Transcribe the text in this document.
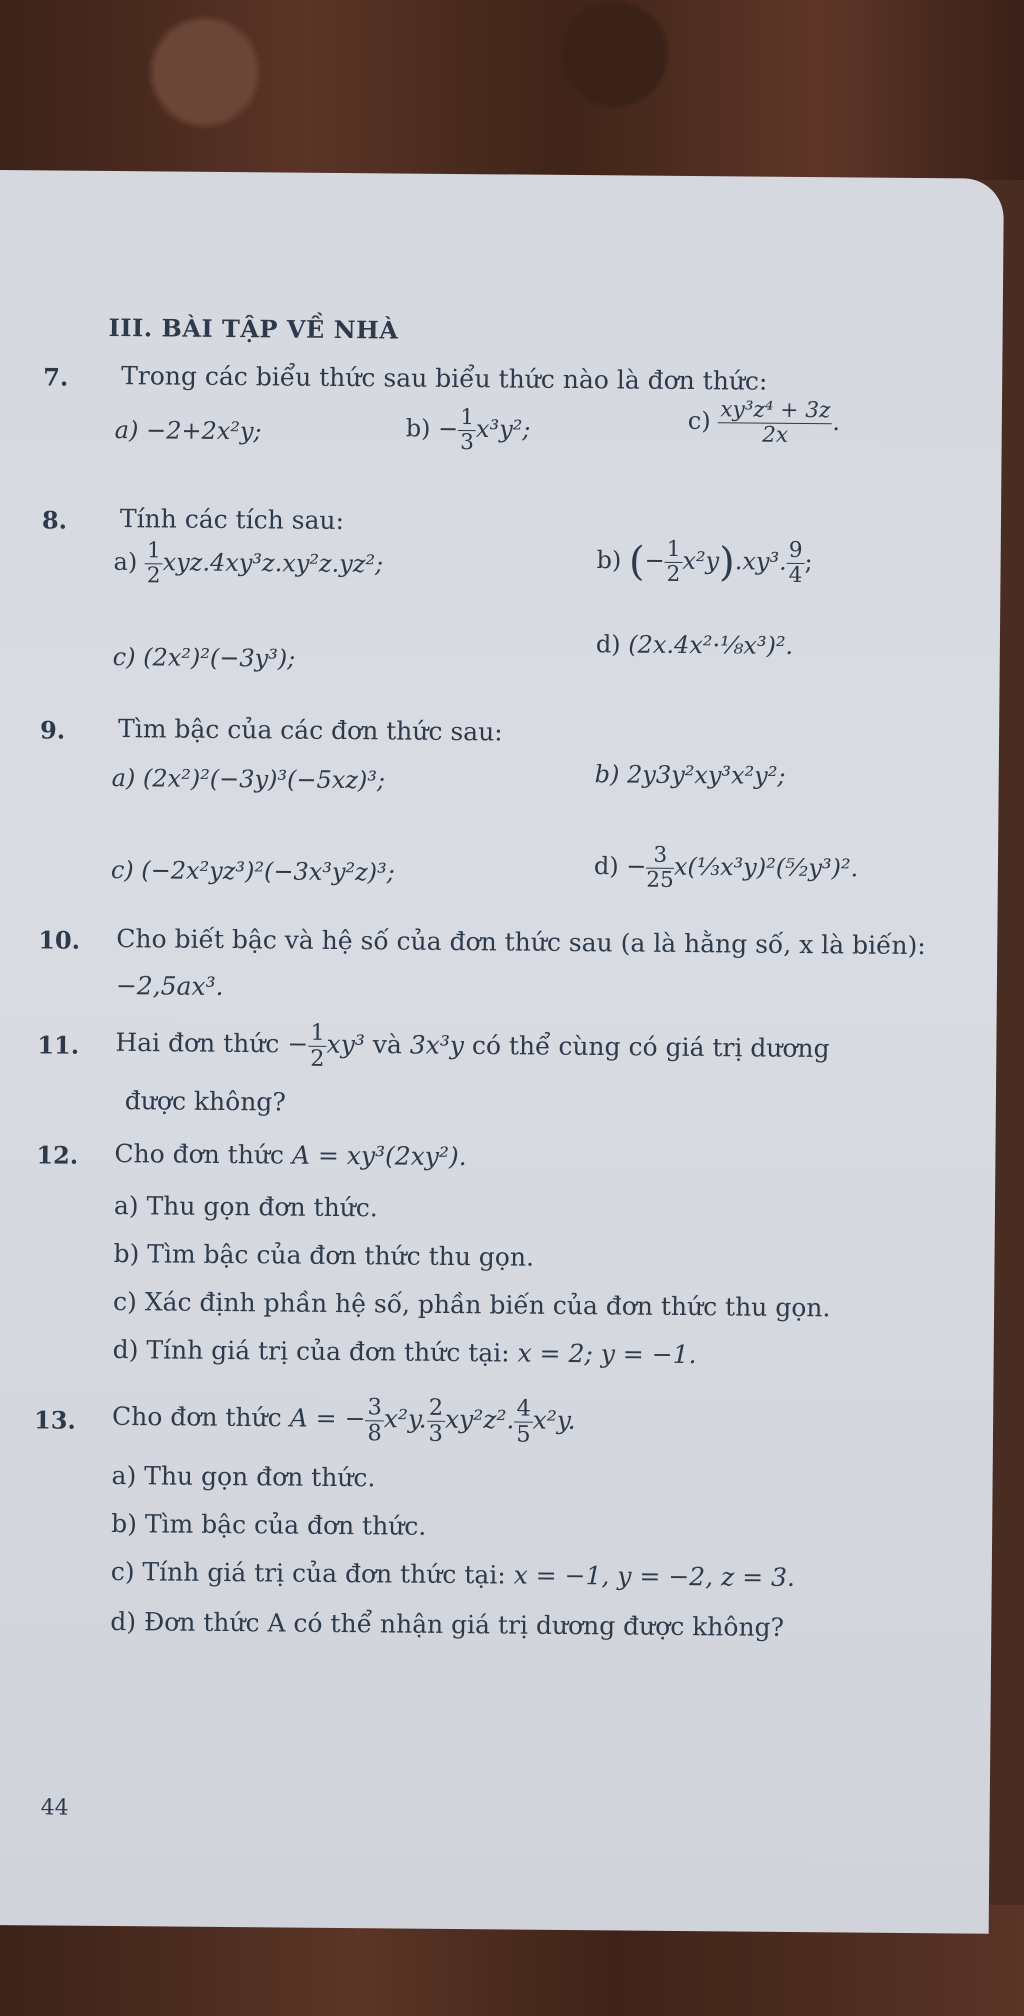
III. BÀI TẬP VỀ NHÀ
7. Trong các biểu thức sau biểu thức nào là đơn thức:
a) −2+2x²y;	$b) - \frac{1}{3} x^3y^2$;	$c) \frac{\text{xy³z⁴ + 3z}}{2x}$ .
8. Tính các tích sau:
$a) \frac{1}{2} xyz.4xy^3z.xy^2z.yz^2$;	b) (− $\frac{1}{2} x^2y).xy^3$. $\frac{9}{4}$ ;
c) (2x²)²(−3y³);	d) (2x.4x²·⅛x³)².
9. Tìm bậc của các đơn thức sau:
a) (2x²)²(−3y)³(−5xz)³;	b) 2y3y²xy³x²y²;
c) (−2x²yz³)²(−3x³y²z)³;	$d) - \frac{3}{25}$ x(⅓x³y)²(⁵⁄₂y³)².
10. Cho biết bậc và hệ số của đơn thức sau (a là hằng số, x là biến):
−2,5ax³.
11. Hai đơn thức − $\frac{1}{2} xy^3$ và 3x³y có thể cùng có giá trị dương
được không?
12. Cho đơn thức A = xy³(2xy²).
a) Thu gọn đơn thức.
b) Tìm bậc của đơn thức thu gọn.
c) Xác định phần hệ số, phần biến của đơn thức thu gọn.
d) Tính giá trị của đơn thức tại: x = 2; y = −1.
13. Cho đơn thức A = − $\frac{3}{8} x^2y$. $\frac{2}{3} xy^2z^2$. $\frac{4}{5} x^2y$.
a) Thu gọn đơn thức.
b) Tìm bậc của đơn thức.
c) Tính giá trị của đơn thức tại: x = −1, y = −2, z = 3.
d) Đơn thức A có thể nhận giá trị dương được không?
44
